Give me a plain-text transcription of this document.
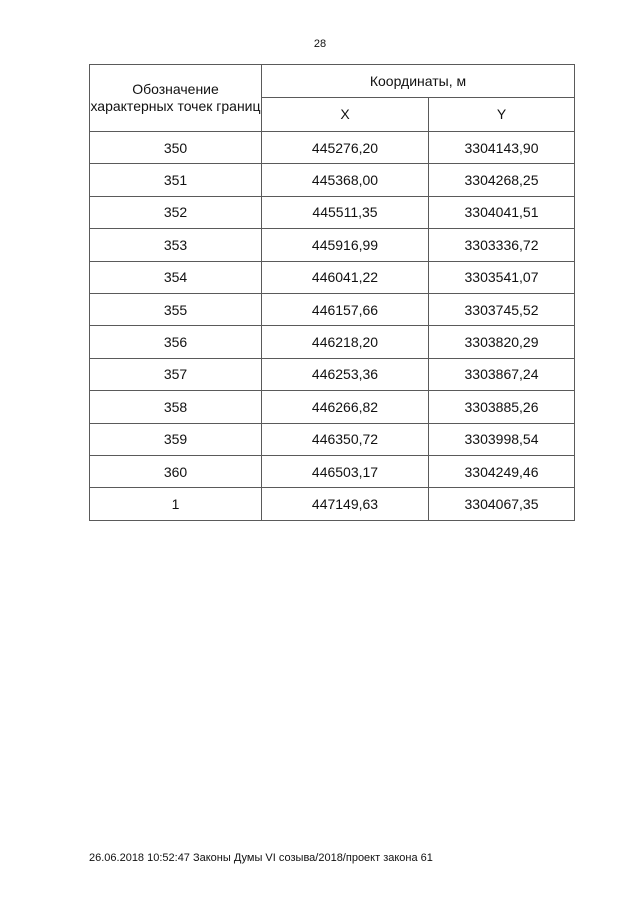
28
Обозначение характерных точек границ	Координаты, м	
	X	Y
350	445276,20	3304143,90
351	445368,00	3304268,25
352	445511,35	3304041,51
353	445916,99	3303336,72
354	446041,22	3303541,07
355	446157,66	3303745,52
356	446218,20	3303820,29
357	446253,36	3303867,24
358	446266,82	3303885,26
359	446350,72	3303998,54
360	446503,17	3304249,46
1	447149,63	3304067,35
26.06.2018 10:52:47 Законы Думы VI созыва/2018/проект закона 61
